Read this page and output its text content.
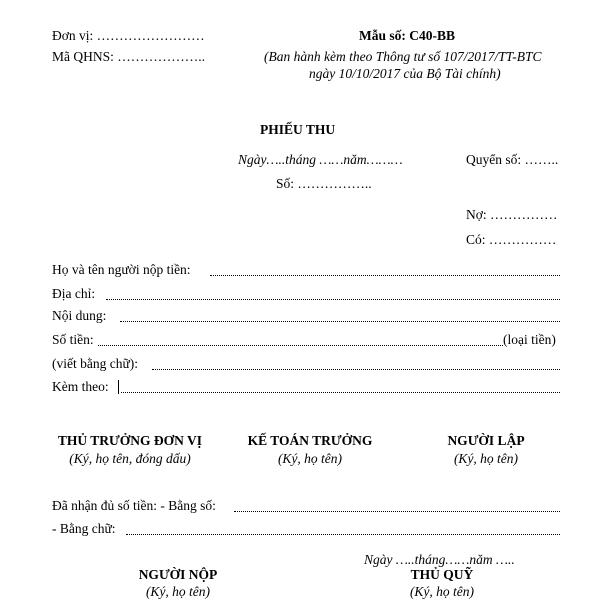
Đơn vị: ……………………
Mã QHNS: ………………..
Mẫu số: C40-BB
(Ban hành kèm theo Thông tư số 107/2017/TT-BTC
ngày 10/10/2017 của Bộ Tài chính)
PHIẾU THU
Ngày…..tháng ……năm………	Quyển số: ……..
Số: ……………..
Nợ: ……………
Có: ……………
Họ và tên người nộp tiền:
Địa chỉ:
Nội dung:
Số tiền:	(loại tiền)
(viết bằng chữ):
Kèm theo:
THỦ TRƯỞNG ĐƠN VỊ
(Ký, họ tên, đóng dấu)
KẾ TOÁN TRƯỞNG
(Ký, họ tên)
NGƯỜI LẬP
(Ký, họ tên)
Đã nhận đủ số tiền: - Bằng số:
- Bằng chữ:
Ngày …..tháng……năm …..
NGƯỜI NỘP
(Ký, họ tên)
THỦ QUỸ
(Ký, họ tên)
